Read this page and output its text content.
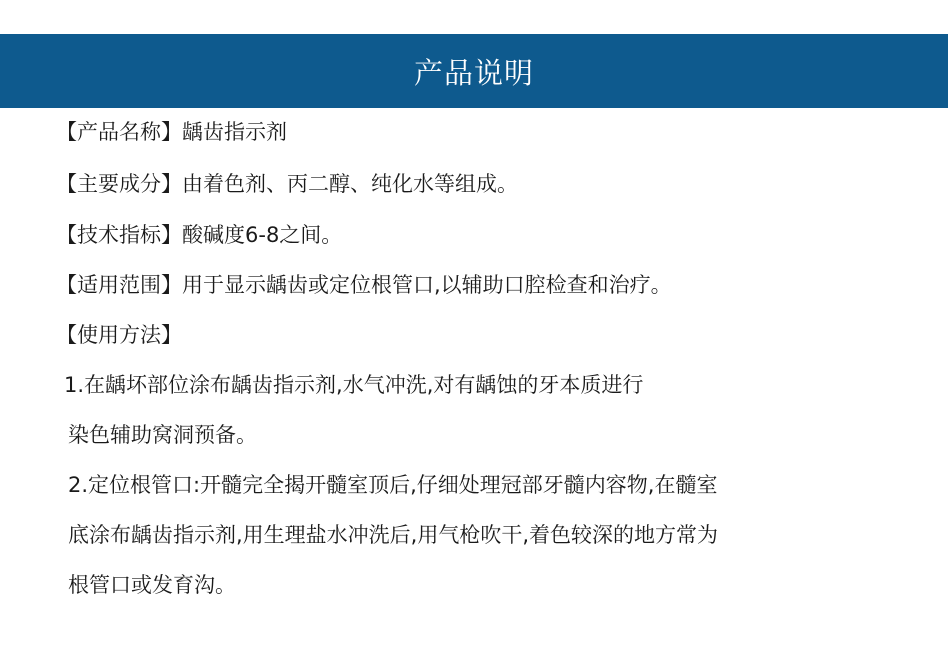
产品说明
【产品名称】龋齿指示剂
【主要成分】由着色剂、丙二醇、纯化水等组成。
【技术指标】酸碱度6-8之间。
【适用范围】用于显示龋齿或定位根管口,以辅助口腔检查和治疗。
【使用方法】
1.在龋坏部位涂布龋齿指示剂,水气冲洗,对有龋蚀的牙本质进行
染色辅助窝洞预备。
2.定位根管口:开髓完全揭开髓室顶后,仔细处理冠部牙髓内容物,在髓室
底涂布龋齿指示剂,用生理盐水冲洗后,用气枪吹干,着色较深的地方常为
根管口或发育沟。
